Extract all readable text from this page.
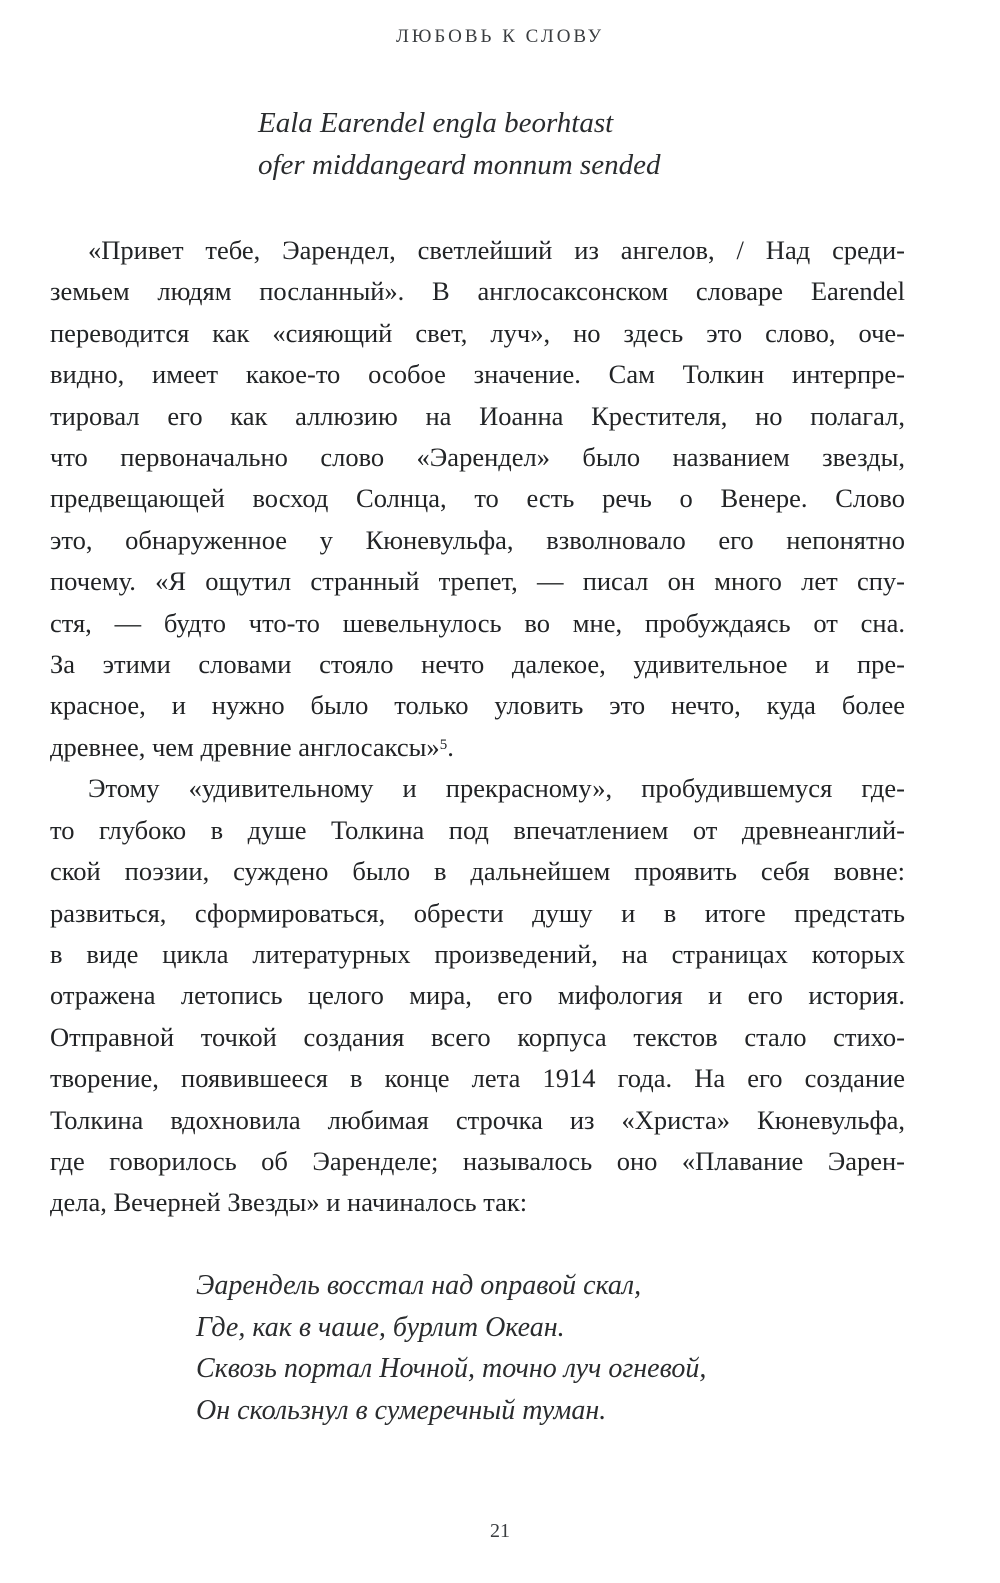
ЛЮБОВЬ К СЛОВУ
Eala Earendel engla beorhtast
ofer middangeard monnum sended

«Привет тебе, Эарендел, светлейший из ангелов, / Над среди-
земьем людям посланный». В англосаксонском словаре Earendel
переводится как «сияющий свет, луч», но здесь это слово, оче-
видно, имеет какое-то особое значение. Сам Толкин интерпре-
тировал его как аллюзию на Иоанна Крестителя, но полагал,
что первоначально слово «Эарендел» было названием звезды,
предвещающей восход Солнца, то есть речь о Венере. Слово
это, обнаруженное у Кюневульфа, взволновало его непонятно
почему. «Я ощутил странный трепет, — писал он много лет спу-
стя, — будто что-то шевельнулось во мне, пробуждаясь от сна.
За этими словами стояло нечто далекое, удивительное и пре-
красное, и нужно было только уловить это нечто, куда более
древнее, чем древние англосаксы»$^5$.

Этому «удивительному и прекрасному», пробудившемуся где-
то глубоко в душе Толкина под впечатлением от древнеанглий-
ской поэзии, суждено было в дальнейшем проявить себя вовне:
развиться, сформироваться, обрести душу и в итоге предстать
в виде цикла литературных произведений, на страницах которых
отражена летопись целого мира, его мифология и его история.
Отправной точкой создания всего корпуса текстов стало стихо-
творение, появившееся в конце лета 1914 года. На его создание
Толкина вдохновила любимая строчка из «Христа» Кюневульфа,
где говорилось об Эаренделе; называлось оно «Плавание Эарен-
дела, Вечерней Звезды» и начиналось так:

Эарендель восстал над оправой скал,
Где, как в чаше, бурлит Океан.
Сквозь портал Ночной, точно луч огневой,
Он скользнул в сумеречный туман.
21
